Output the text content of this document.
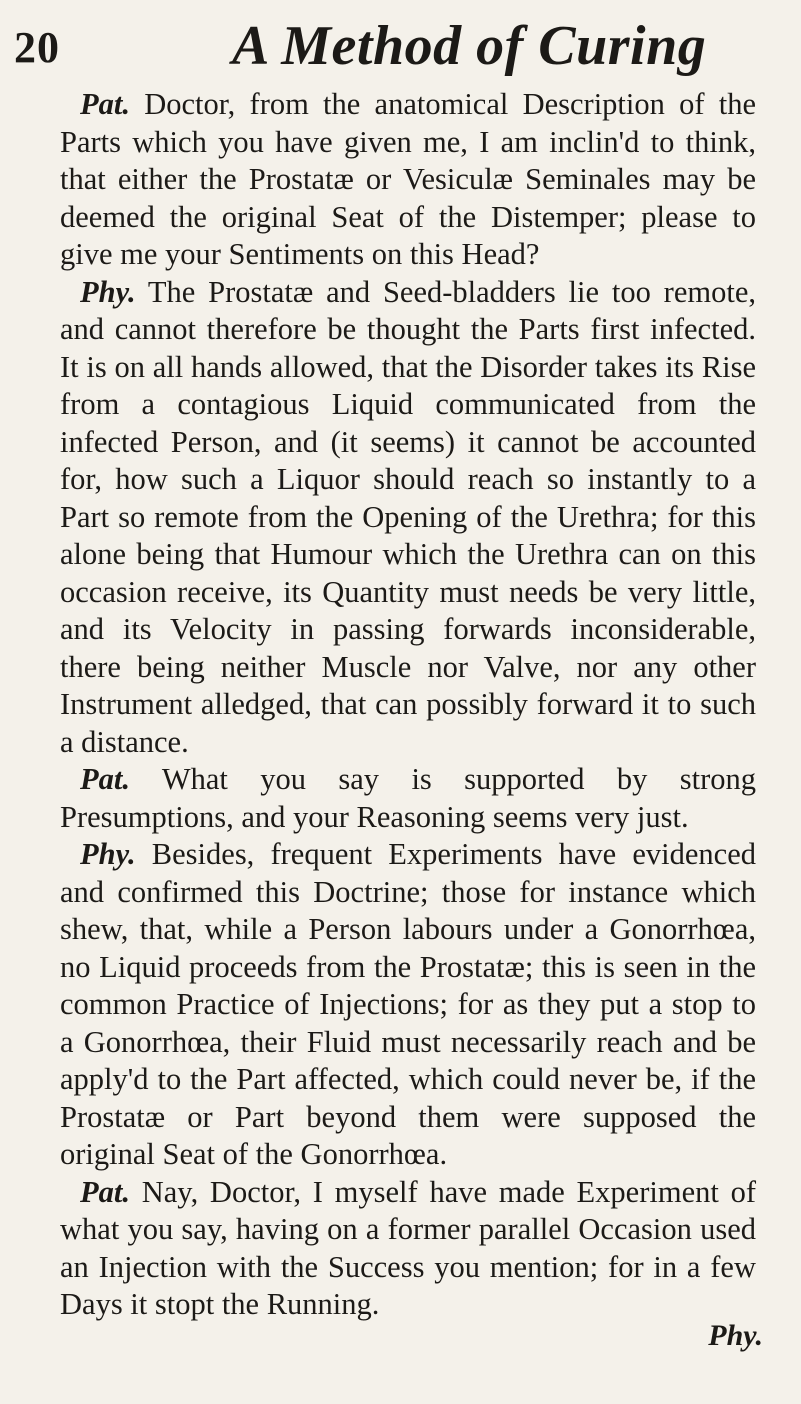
20	A Method of Curing

Pat. Doctor, from the anatomical Description of the Parts which you have given me, I am inclin'd to think, that either the Prostatæ or Vesiculæ Seminales may be deemed the original Seat of the Distemper; please to give me your Sentiments on this Head?

Phy. The Prostatæ and Seed-bladders lie too remote, and cannot therefore be thought the Parts first infected. It is on all hands allowed, that the Disorder takes its Rise from a contagious Liquid communicated from the infected Person, and (it seems) it cannot be accounted for, how such a Liquor should reach so instantly to a Part so remote from the Opening of the Urethra; for this alone being that Humour which the Urethra can on this occasion receive, its Quantity must needs be very little, and its Velocity in passing forwards inconsiderable, there being neither Muscle nor Valve, nor any other Instrument alledged, that can possibly forward it to such a distance.

Pat. What you say is supported by strong Presumptions, and your Reasoning seems very just.

Phy. Besides, frequent Experiments have evidenced and confirmed this Doctrine; those for instance which shew, that, while a Person labours under a Gonorrhœa, no Liquid proceeds from the Prostatæ; this is seen in the common Practice of Injections; for as they put a stop to a Gonorrhœa, their Fluid must necessarily reach and be apply'd to the Part affected, which could never be, if the Prostatæ or Part beyond them were supposed the original Seat of the Gonorrhœa.

Pat. Nay, Doctor, I myself have made Experiment of what you say, having on a former parallel Occasion used an Injection with the Success you mention; for in a few Days it stopt the Running.

Phy.
